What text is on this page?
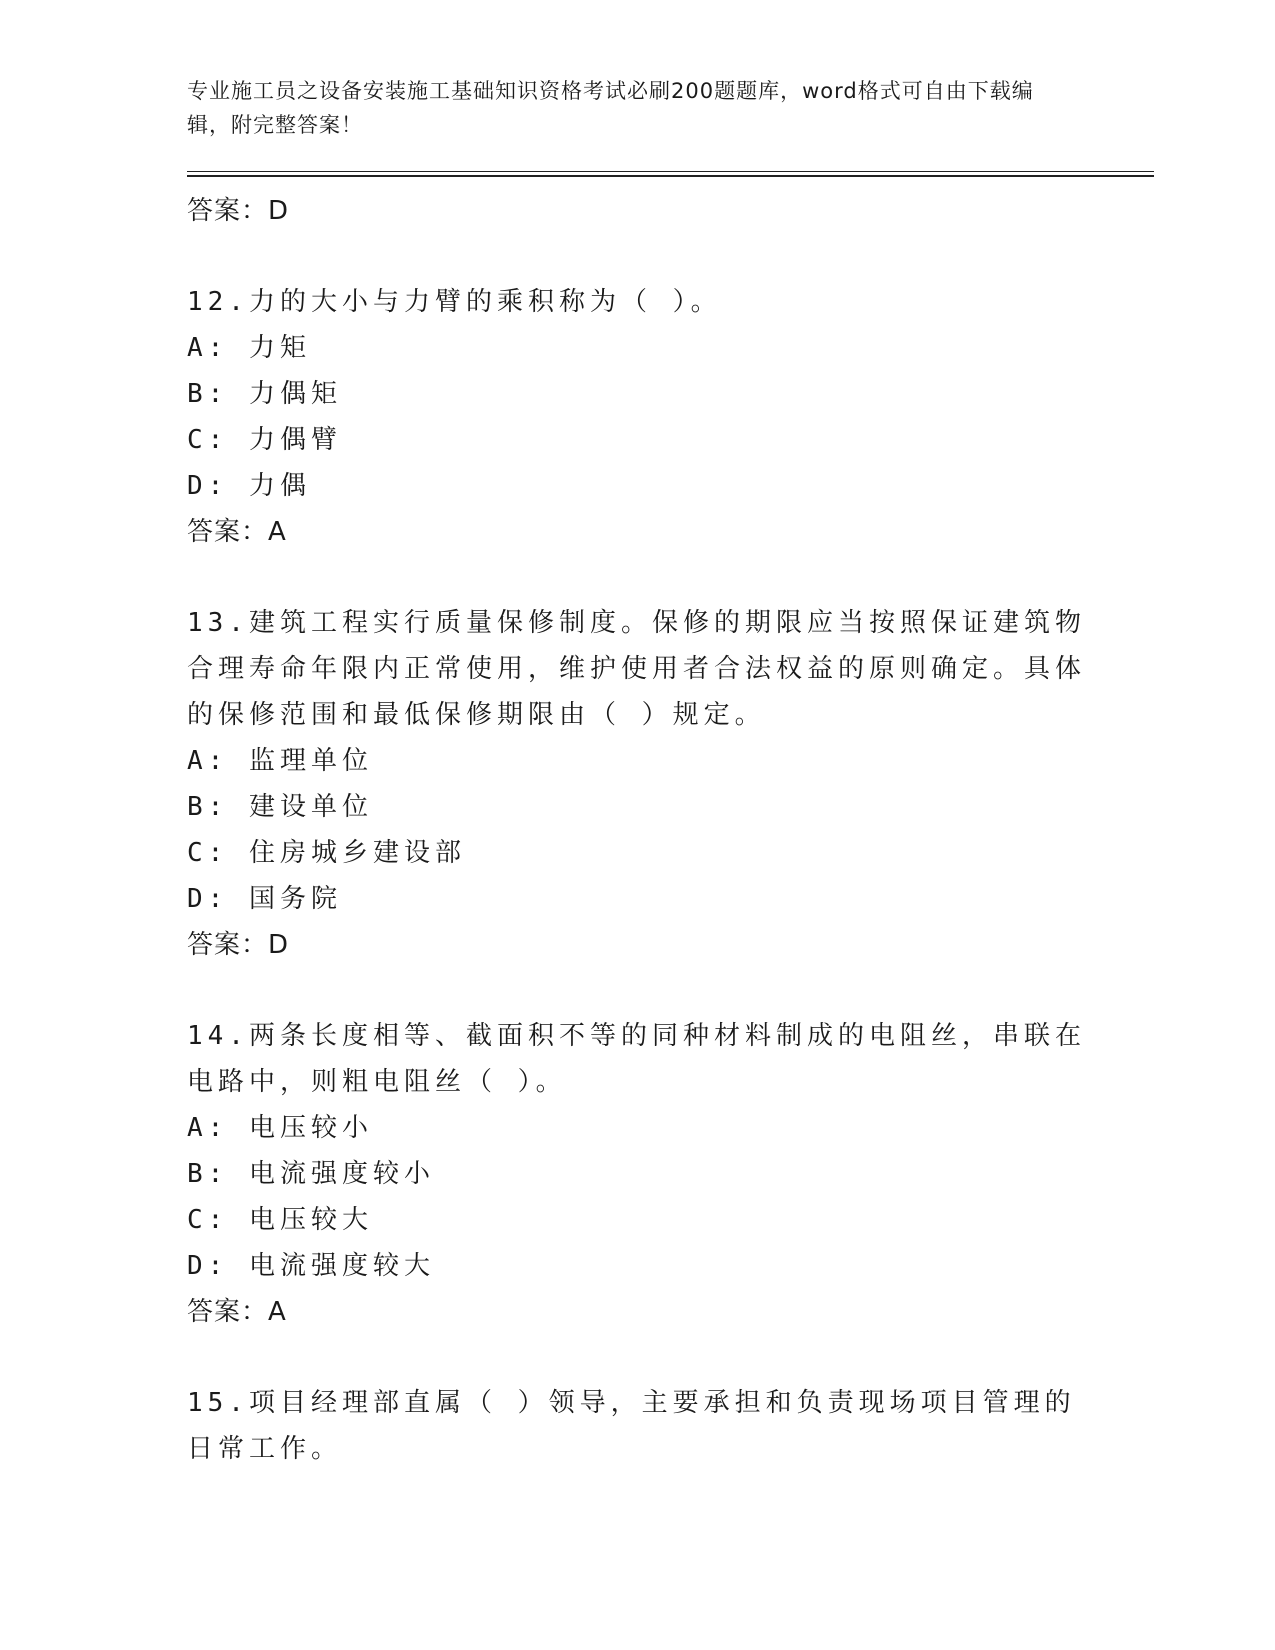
专业施工员之设备安装施工基础知识资格考试必刷200题题库，word格式可自由下载编辑，附完整答案！
答案：D
12.力的大小与力臂的乘积称为（ ）。
A: 力矩
B: 力偶矩
C: 力偶臂
D: 力偶
答案：A
13.建筑工程实行质量保修制度。保修的期限应当按照保证建筑物合理寿命年限内正常使用，维护使用者合法权益的原则确定。具体的保修范围和最低保修期限由（ ）规定。
A: 监理单位
B: 建设单位
C: 住房城乡建设部
D: 国务院
答案：D
14.两条长度相等、截面积不等的同种材料制成的电阻丝，串联在电路中，则粗电阻丝（ ）。
A: 电压较小
B: 电流强度较小
C: 电压较大
D: 电流强度较大
答案：A
15.项目经理部直属（ ）领导，主要承担和负责现场项目管理的日常工作。
